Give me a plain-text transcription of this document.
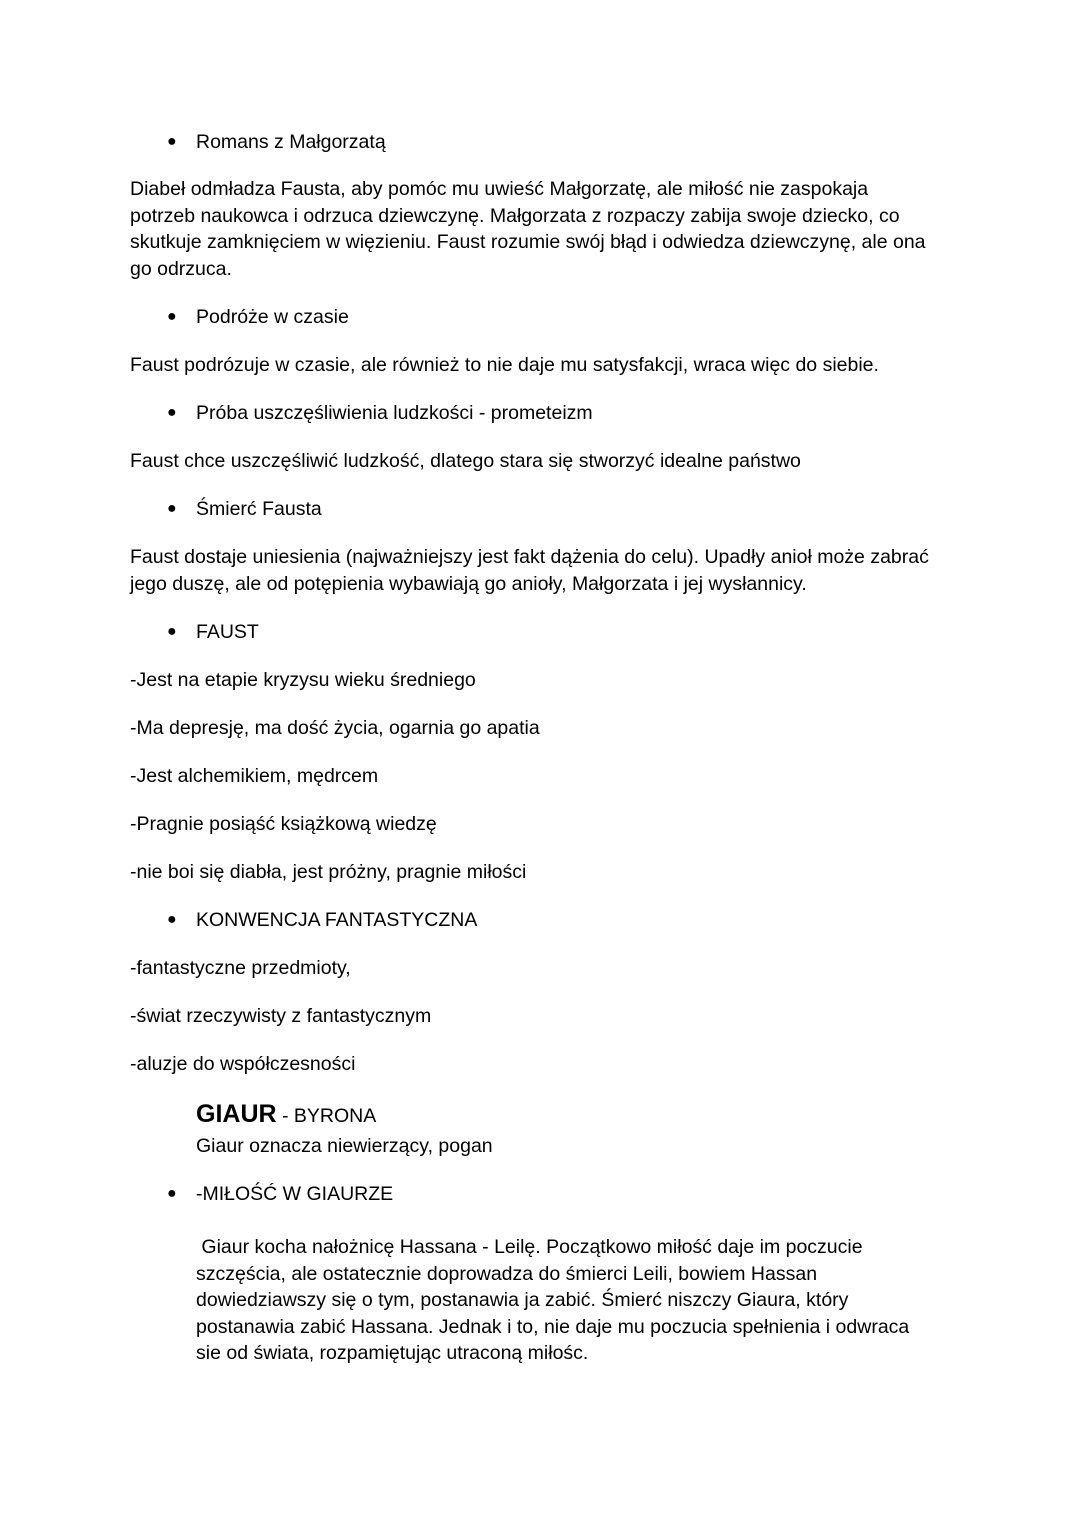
● Romans z Małgorzatą
Diabeł odmładza Fausta, aby pomóc mu uwieść Małgorzatę, ale miłość nie zaspokaja
potrzeb naukowca i odrzuca dziewczynę. Małgorzata z rozpaczy zabija swoje dziecko, co
skutkuje zamknięciem w więzieniu. Faust rozumie swój błąd i odwiedza dziewczynę, ale ona
go odrzuca.
● Podróże w czasie
Faust podrózuje w czasie, ale również to nie daje mu satysfakcji, wraca więc do siebie.
● Próba uszczęśliwienia ludzkości - prometeizm
Faust chce uszczęśliwić ludzkość, dlatego stara się stworzyć idealne państwo
● Śmierć Fausta
Faust dostaje uniesienia (najważniejszy jest fakt dążenia do celu). Upadły anioł może zabrać
jego duszę, ale od potępienia wybawiają go anioły, Małgorzata i jej wysłannicy.
● FAUST
-Jest na etapie kryzysu wieku średniego
-Ma depresję, ma dość życia, ogarnia go apatia
-Jest alchemikiem, mędrcem
-Pragnie posiąść książkową wiedzę
-nie boi się diabła, jest próżny, pragnie miłości
● KONWENCJA FANTASTYCZNA
-fantastyczne przedmioty,
-świat rzeczywisty z fantastycznym
-aluzje do współczesności
GIAUR - BYRONA
Giaur oznacza niewierzący, pogan
● -MIŁOŚĆ W GIAURZE
Giaur kocha nałożnicę Hassana - Leilę. Początkowo miłość daje im poczucie
szczęścia, ale ostatecznie doprowadza do śmierci Leili, bowiem Hassan
dowiedziawszy się o tym, postanawia ja zabić. Śmierć niszczy Giaura, który
postanawia zabić Hassana. Jednak i to, nie daje mu poczucia spełnienia i odwraca
sie od świata, rozpamiętując utraconą miłośc.
